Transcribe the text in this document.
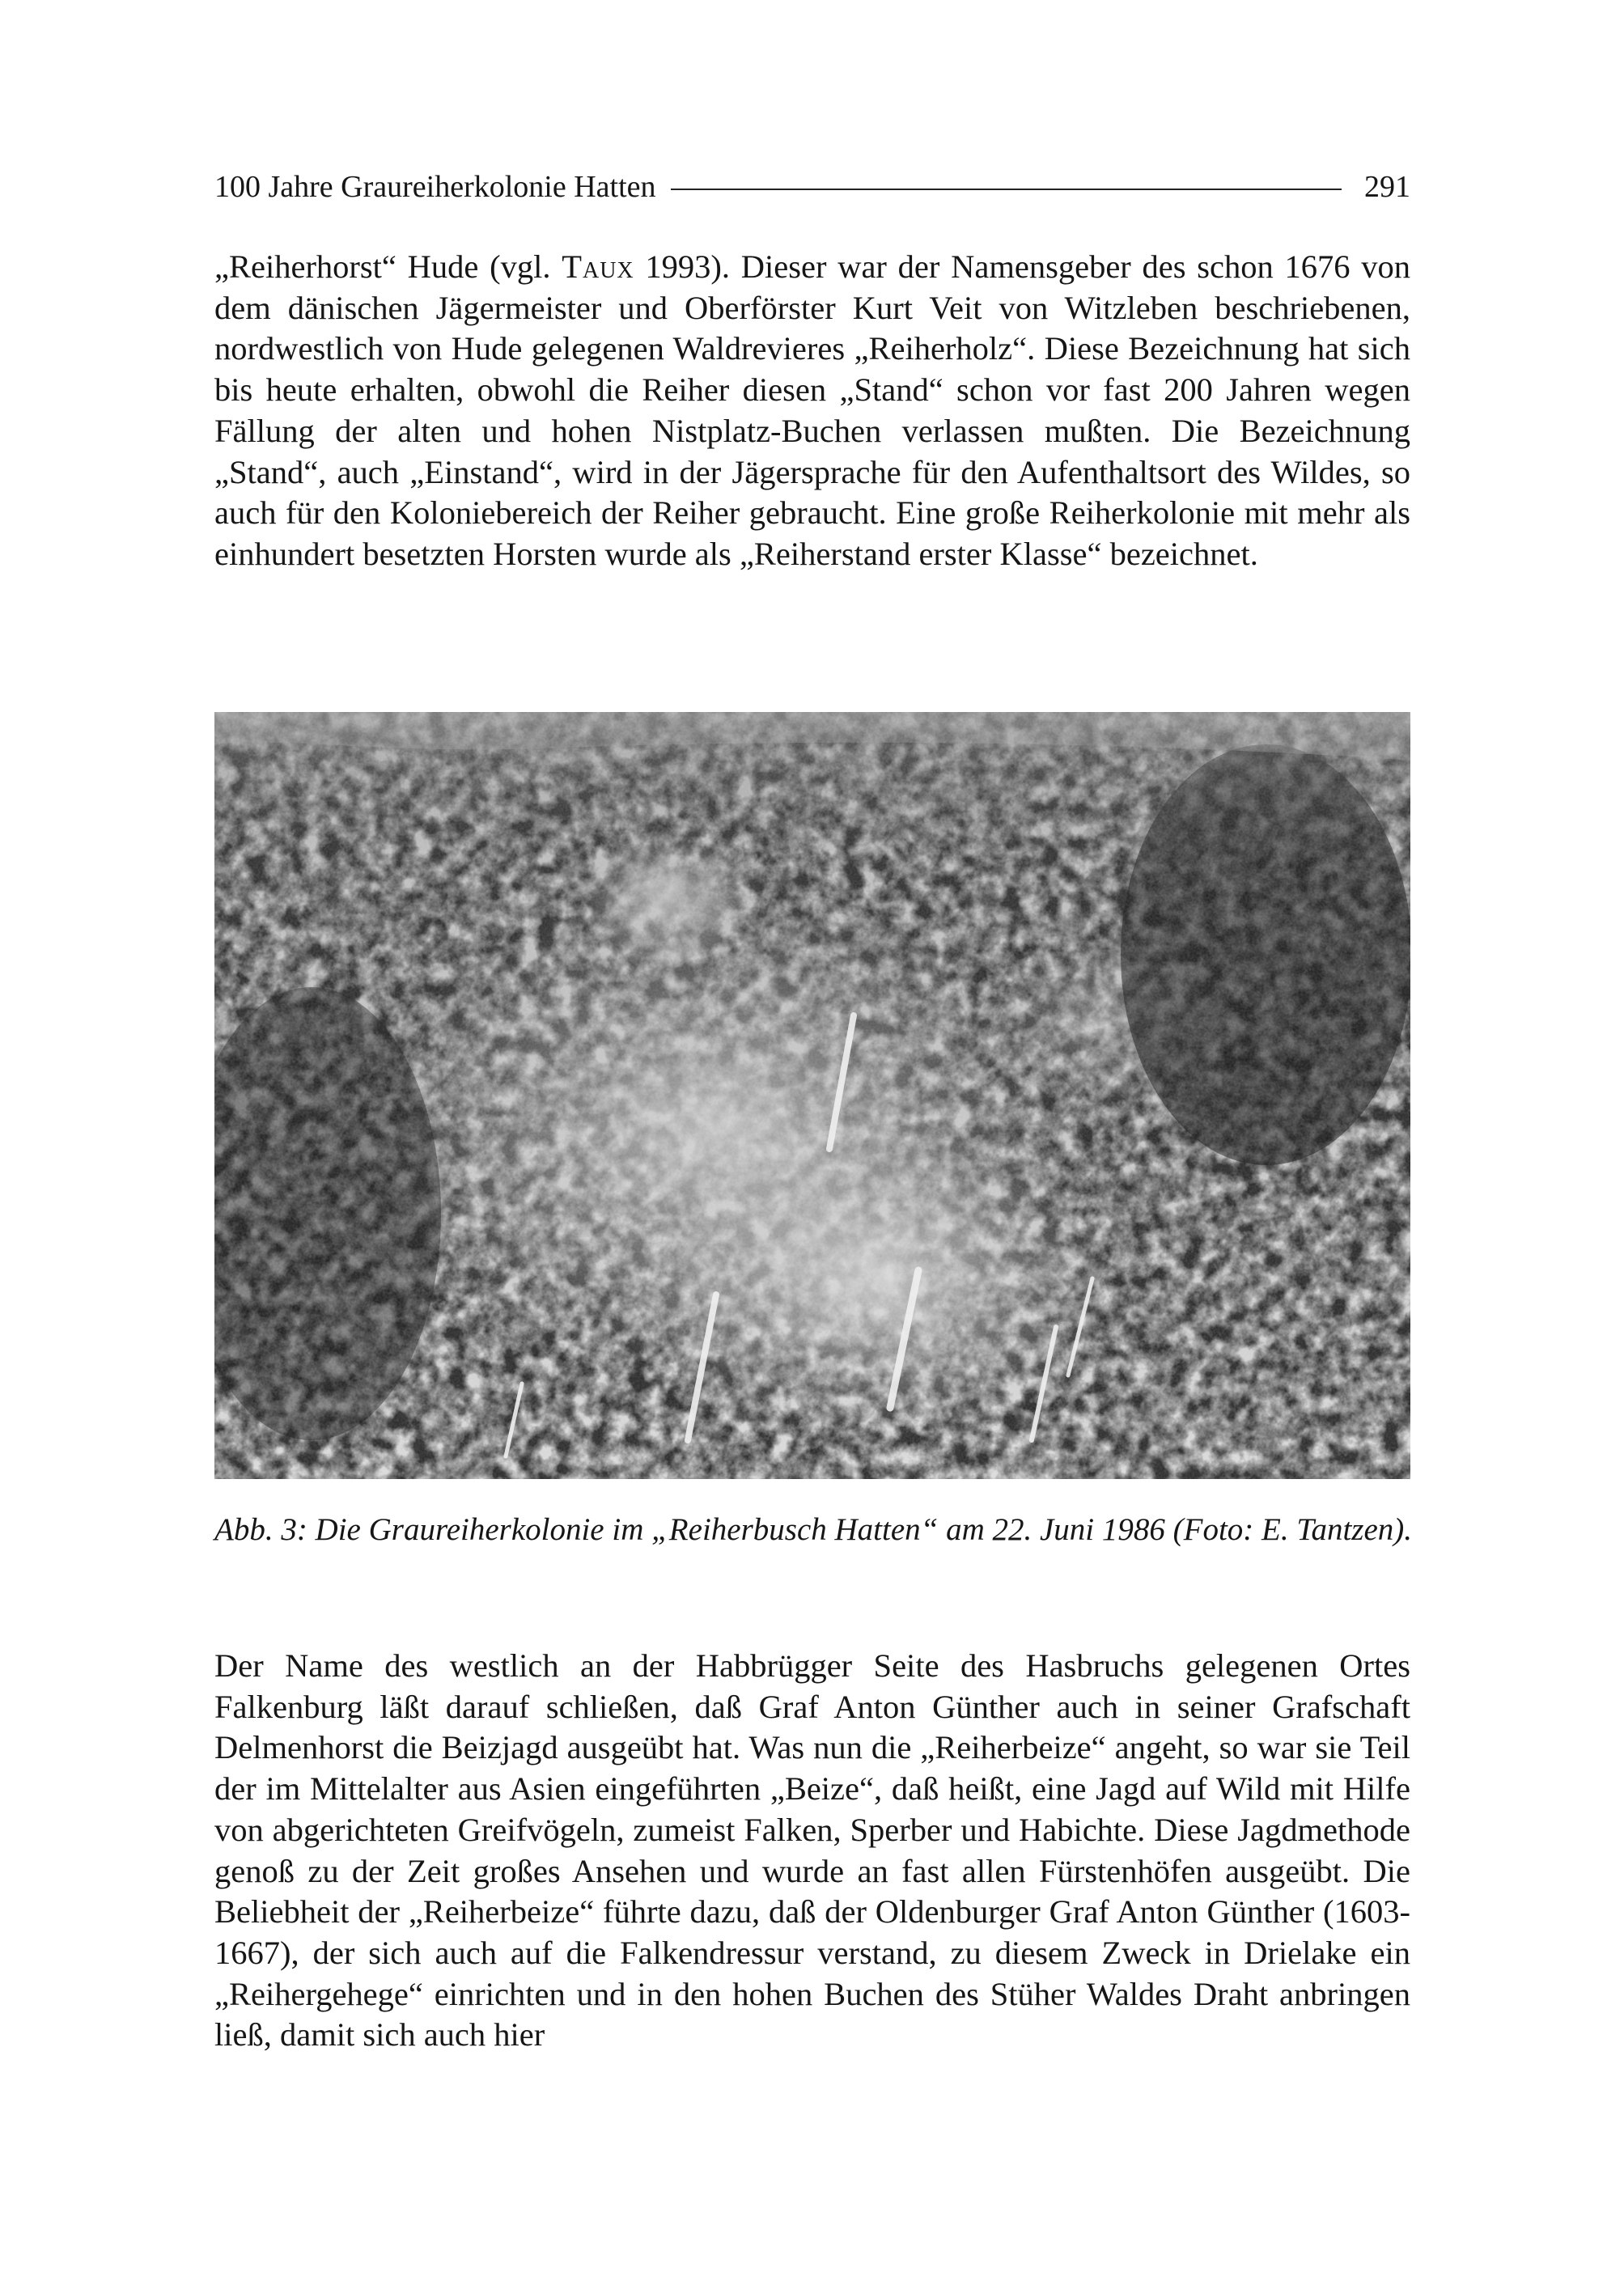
100 Jahre Graureiherkolonie Hatten	291

„Reiherhorst“ Hude (vgl. Taux 1993). Dieser war der Namensgeber des schon 1676 von dem dänischen Jägermeister und Oberförster Kurt Veit von Witzleben beschriebenen, nordwestlich von Hude gelegenen Waldrevieres „Reiherholz“. Diese Bezeichnung hat sich bis heute erhalten, obwohl die Reiher diesen „Stand“ schon vor fast 200 Jahren wegen Fällung der alten und hohen Nistplatz-Buchen verlassen mußten. Die Bezeichnung „Stand“, auch „Einstand“, wird in der Jägersprache für den Aufenthaltsort des Wildes, so auch für den Koloniebereich der Reiher gebraucht. Eine große Reiherkolonie mit mehr als einhundert besetzten Horsten wurde als „Reiherstand erster Klasse“ bezeichnet.

Abb. 3: Die Graureiherkolonie im „Reiherbusch Hatten“ am 22. Juni 1986 (Foto: E. Tantzen).

Der Name des westlich an der Habbrügger Seite des Hasbruchs gelegenen Ortes Falkenburg läßt darauf schließen, daß Graf Anton Günther auch in seiner Grafschaft Delmenhorst die Beizjagd ausgeübt hat. Was nun die „Reiherbeize“ angeht, so war sie Teil der im Mittelalter aus Asien eingeführten „Beize“, daß heißt, eine Jagd auf Wild mit Hilfe von abgerichteten Greifvögeln, zumeist Falken, Sperber und Habichte. Diese Jagdmethode genoß zu der Zeit großes Ansehen und wurde an fast allen Fürstenhöfen ausgeübt. Die Beliebheit der „Reiherbeize“ führte dazu, daß der Oldenburger Graf Anton Günther (1603-1667), der sich auch auf die Falkendressur verstand, zu diesem Zweck in Drielake ein „Reihergehege“ einrichten und in den hohen Buchen des Stüher Waldes Draht anbringen ließ, damit sich auch hier
